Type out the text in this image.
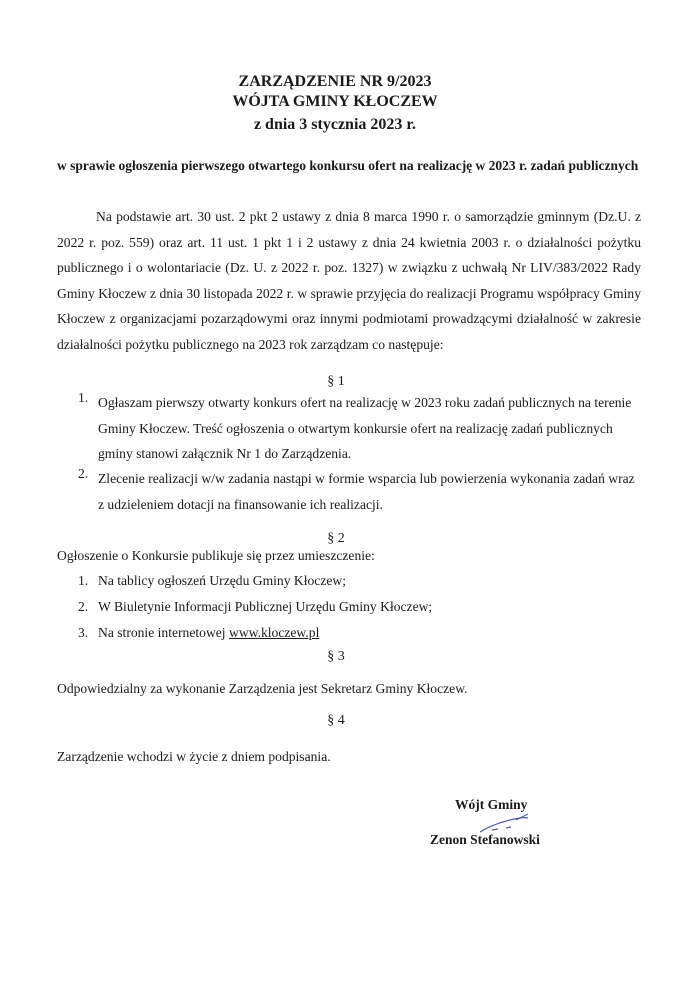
ZARZĄDZENIE NR 9/2023
WÓJTA GMINY KŁOCZEW
z dnia 3 stycznia 2023 r.
w sprawie ogłoszenia pierwszego otwartego konkursu ofert na realizację w 2023 r. zadań publicznych
Na podstawie art. 30 ust. 2 pkt 2 ustawy z dnia 8 marca 1990 r. o samorządzie gminnym (Dz.U. z 2022 r. poz. 559) oraz art. 11 ust. 1 pkt 1 i 2 ustawy z dnia 24 kwietnia 2003 r. o działalności pożytku publicznego i o wolontariacie (Dz. U. z 2022 r. poz. 1327) w związku z uchwałą Nr LIV/383/2022 Rady Gminy Kłoczew z dnia 30 listopada 2022 r. w sprawie przyjęcia do realizacji Programu współpracy Gminy Kłoczew z organizacjami pozarządowymi oraz innymi podmiotami prowadzącymi działalność w zakresie działalności pożytku publicznego na 2023 rok zarządzam co następuje:
§ 1
1. Ogłaszam pierwszy otwarty konkurs ofert na realizację w 2023 roku zadań publicznych na terenie Gminy Kłoczew. Treść ogłoszenia o otwartym konkursie ofert na realizację zadań publicznych gminy stanowi załącznik Nr 1 do Zarządzenia.
2. Zlecenie realizacji w/w zadania nastąpi w formie wsparcia lub powierzenia wykonania zadań wraz z udzieleniem dotacji na finansowanie ich realizacji.
§ 2
Ogłoszenie o Konkursie publikuje się przez umieszczenie:
1. Na tablicy ogłoszeń Urzędu Gminy Kłoczew;
2. W Biuletynie Informacji Publicznej Urzędu Gminy Kłoczew;
3. Na stronie internetowej www.kloczew.pl
§ 3
Odpowiedzialny za wykonanie Zarządzenia jest Sekretarz Gminy Kłoczew.
§ 4
Zarządzenie wchodzi w życie z dniem podpisania.
Wójt Gminy
Zenon Stefanowski
